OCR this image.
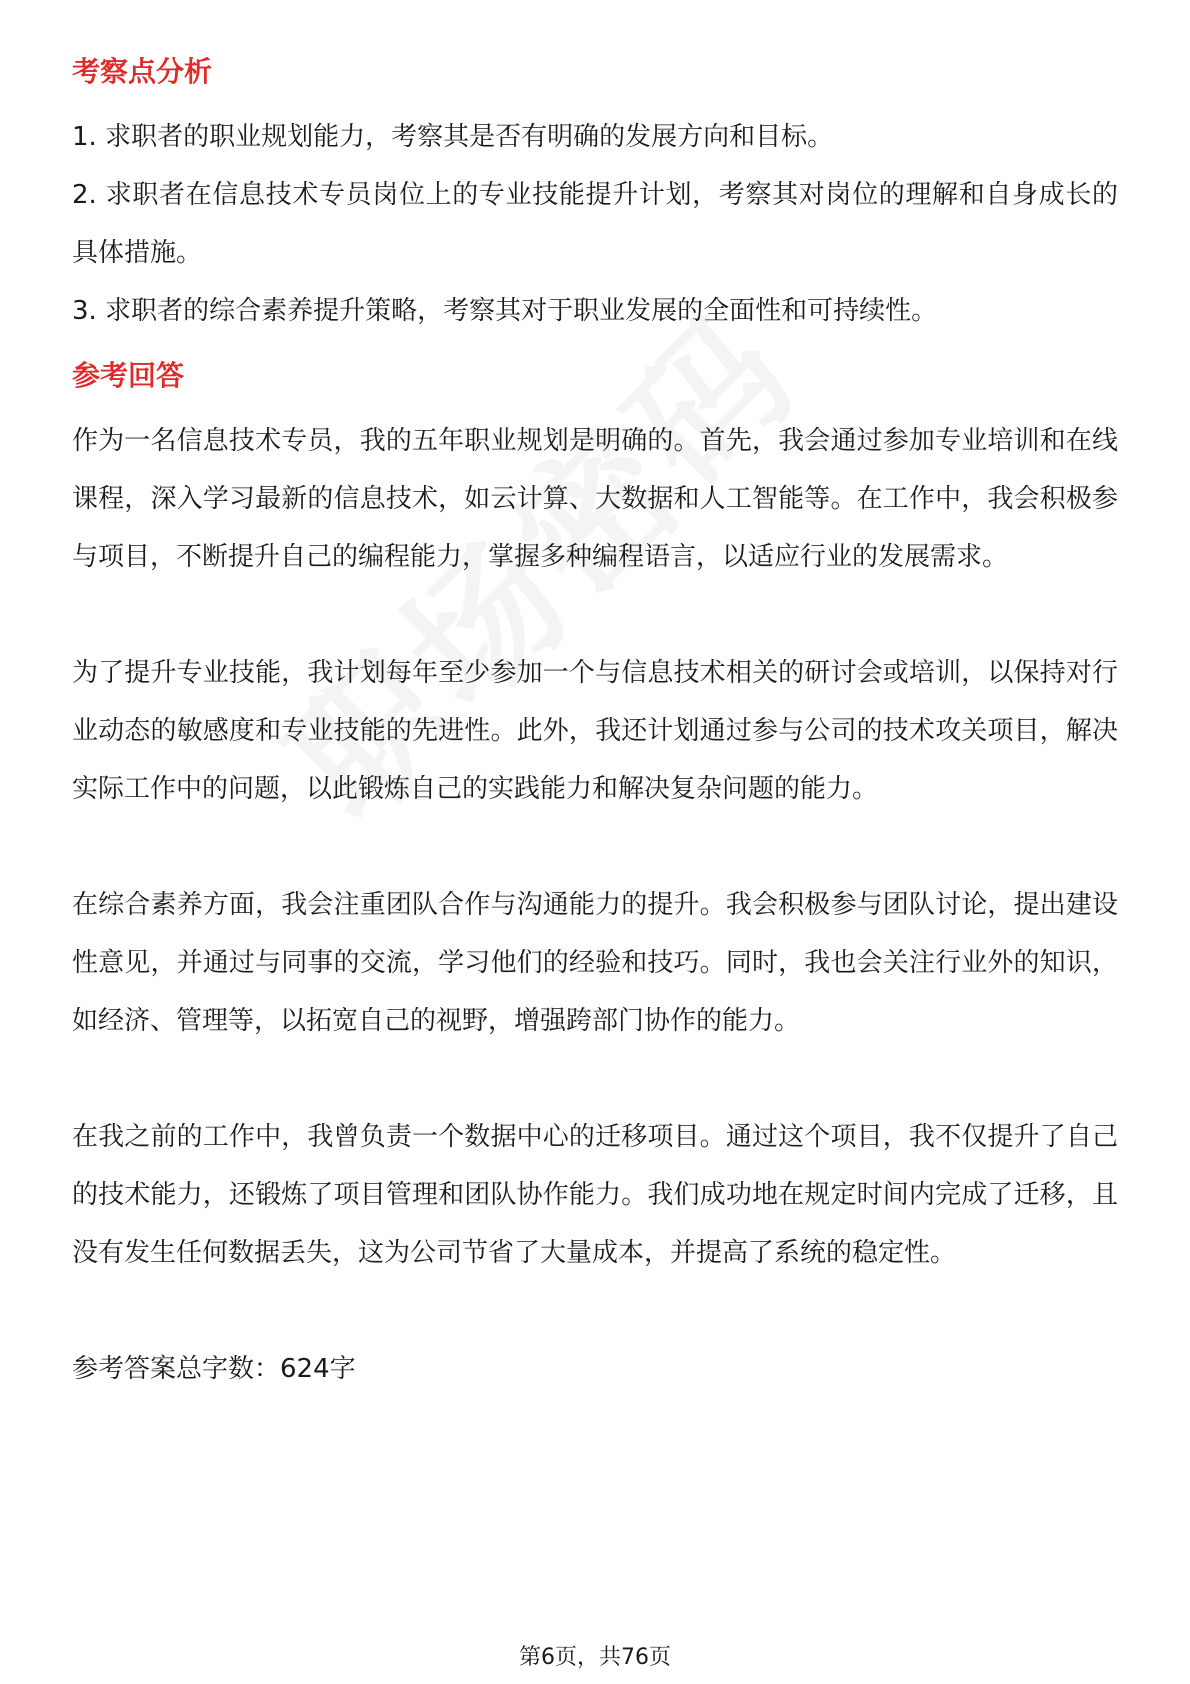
考察点分析

1. 求职者的职业规划能力，考察其是否有明确的发展方向和目标。

2. 求职者在信息技术专员岗位上的专业技能提升计划，考察其对岗位的理解和自身成长的具体措施。

3. 求职者的综合素养提升策略，考察其对于职业发展的全面性和可持续性。

参考回答

作为一名信息技术专员，我的五年职业规划是明确的。首先，我会通过参加专业培训和在线课程，深入学习最新的信息技术，如云计算、大数据和人工智能等。在工作中，我会积极参与项目，不断提升自己的编程能力，掌握多种编程语言，以适应行业的发展需求。

为了提升专业技能，我计划每年至少参加一个与信息技术相关的研讨会或培训，以保持对行业动态的敏感度和专业技能的先进性。此外，我还计划通过参与公司的技术攻关项目，解决实际工作中的问题，以此锻炼自己的实践能力和解决复杂问题的能力。

在综合素养方面，我会注重团队合作与沟通能力的提升。我会积极参与团队讨论，提出建设性意见，并通过与同事的交流，学习他们的经验和技巧。同时，我也会关注行业外的知识，如经济、管理等，以拓宽自己的视野，增强跨部门协作的能力。

在我之前的工作中，我曾负责一个数据中心的迁移项目。通过这个项目，我不仅提升了自己的技术能力，还锻炼了项目管理和团队协作能力。我们成功地在规定时间内完成了迁移，且没有发生任何数据丢失，这为公司节省了大量成本，并提高了系统的稳定性。

参考答案总字数：624字

第6页，共76页
